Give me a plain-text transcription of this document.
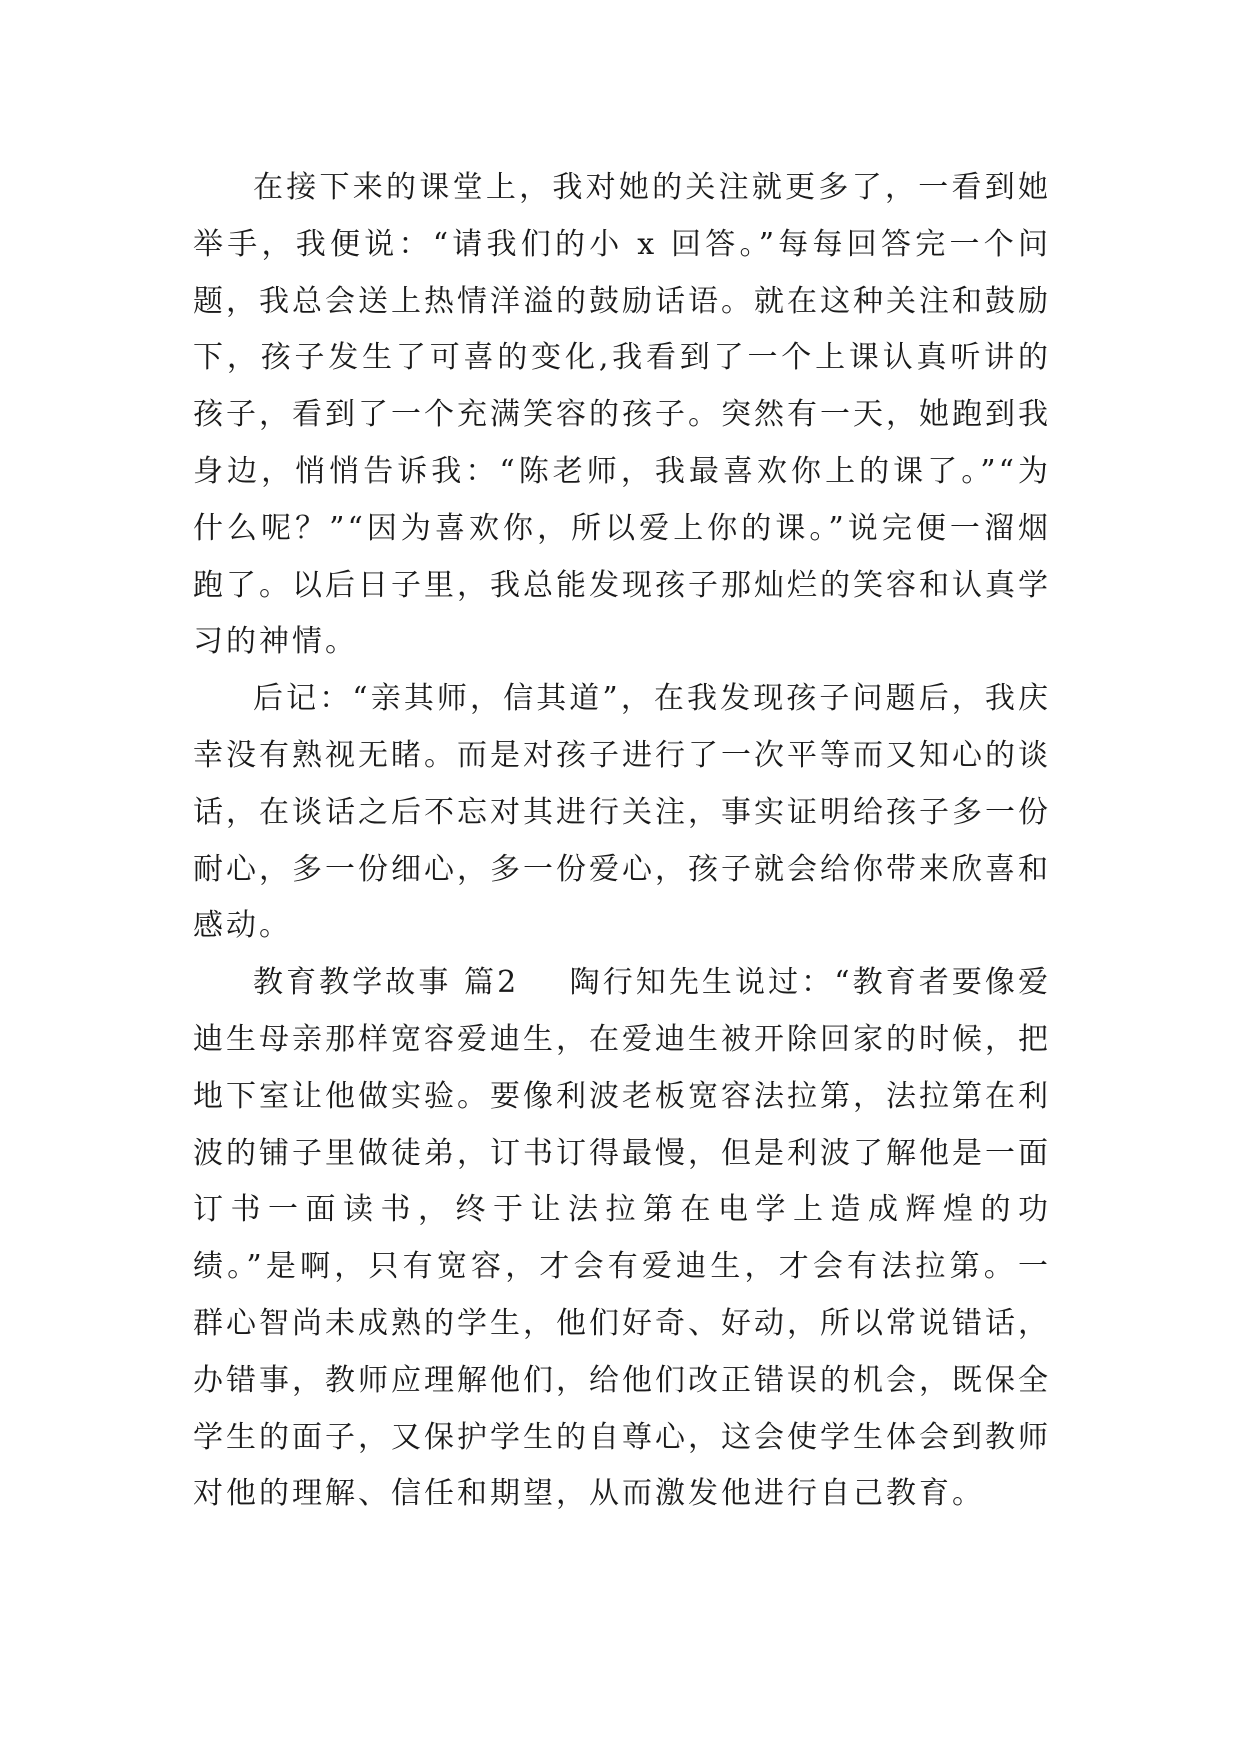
在接下来的课堂上，我对她的关注就更多了，一看到她举手，我便说：“请我们的小 x 回答。”每每回答完一个问题，我总会送上热情洋溢的鼓励话语。就在这种关注和鼓励下，孩子发生了可喜的变化,我看到了一个上课认真听讲的孩子，看到了一个充满笑容的孩子。突然有一天，她跑到我身边，悄悄告诉我：“陈老师，我最喜欢你上的课了。”“为什么呢？”“因为喜欢你，所以爱上你的课。”说完便一溜烟跑了。以后日子里，我总能发现孩子那灿烂的笑容和认真学习的神情。

后记：“亲其师，信其道”，在我发现孩子问题后，我庆幸没有熟视无睹。而是对孩子进行了一次平等而又知心的谈话，在谈话之后不忘对其进行关注，事实证明给孩子多一份耐心，多一份细心，多一份爱心，孩子就会给你带来欣喜和感动。

教育教学故事 篇2    陶行知先生说过：“教育者要像爱迪生母亲那样宽容爱迪生，在爱迪生被开除回家的时候，把地下室让他做实验。要像利波老板宽容法拉第，法拉第在利波的铺子里做徒弟，订书订得最慢，但是利波了解他是一面订书一面读书，终于让法拉第在电学上造成辉煌的功绩。”是啊，只有宽容，才会有爱迪生，才会有法拉第。一群心智尚未成熟的学生，他们好奇、好动，所以常说错话，办错事，教师应理解他们，给他们改正错误的机会，既保全学生的面子，又保护学生的自尊心，这会使学生体会到教师对他的理解、信任和期望，从而激发他进行自己教育。
